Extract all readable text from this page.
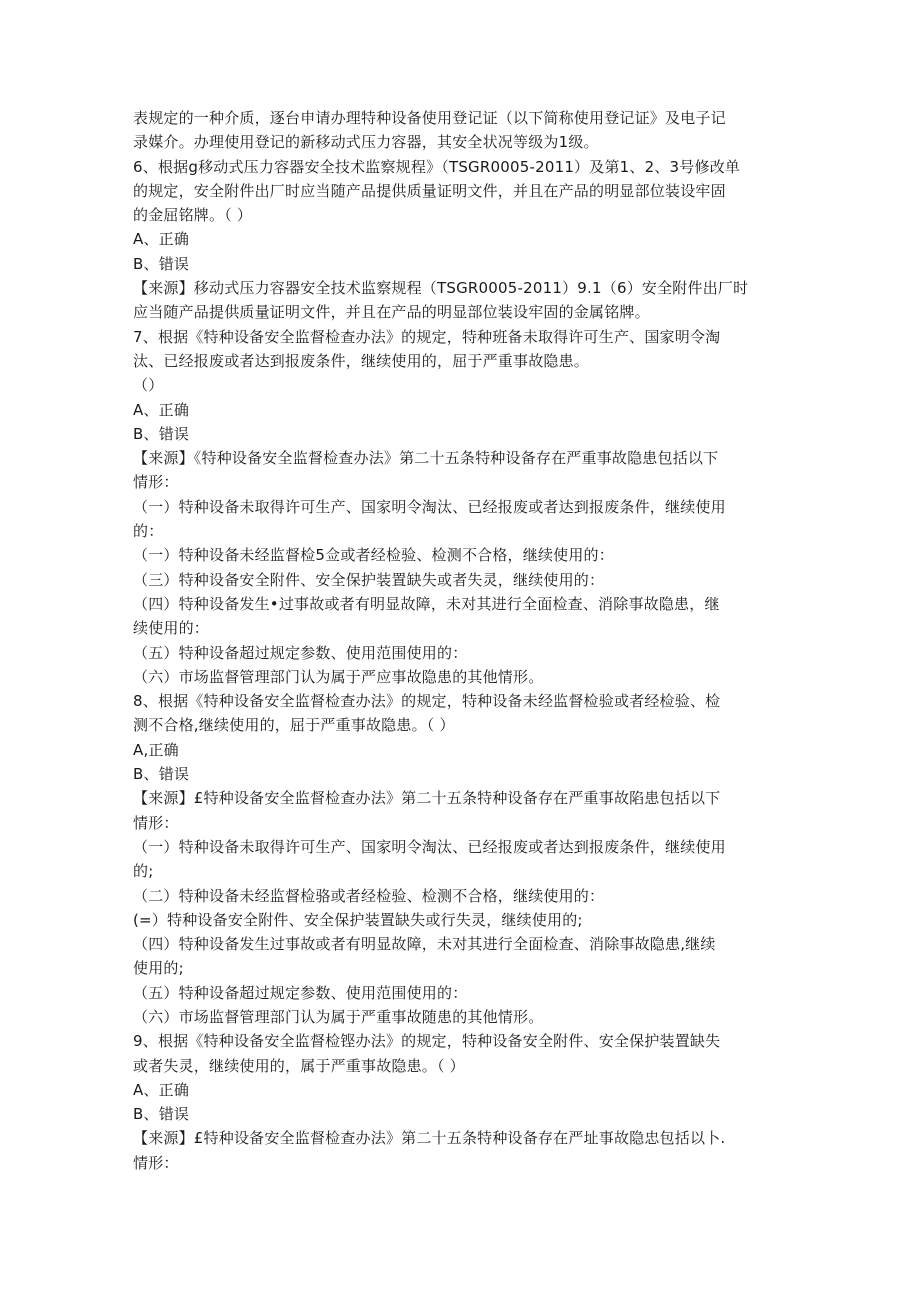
表规定的一种介质，逐台申请办理特种设备使用登记证（以下简称使用登记证》及电子记
录媒介。办理使用登记的新移动式压力容器，其安全状况等级为1级。
6、根据g移动式压力容器安全技术监察规程》（TSGR0005-2011）及第1、2、3号修改单
的规定，安全附件出厂时应当随产品提供质量证明文件，并且在产品的明显部位装设牢固
的金屈铭牌。（ ）
A、正确
B、错误
【来源】移动式压力容器安全技术监察规程（TSGR0005-2011）9.1（6）安全附件出厂时
应当随产品提供质量证明文件，并且在产品的明显部位装设牢固的金属铭牌。
7、根据《特种设备安全监督检查办法》的规定，特种班备未取得许可生产、国家明令淘
汰、已经报废或者达到报废条件，继续使用的，屈于严重事故隐患。
（）
A、正确
B、错误
【来源】《特种设备安全监督检查办法》第二十五条特种设备存在严重事故隐患包括以下
情形：
（一）特种设备未取得许可生产、国家明令淘汰、已经报废或者达到报废条件，继续使用
的：
（一）特种设备未经监督检5佥或者经检验、检测不合格，继续使用的：
（三）特种设备安全附件、安全保护装置缺失或者失灵，继续使用的：
（四）特种设备发生•过事故或者有明显故障，未对其进行全面检查、消除事故隐患，继
续使用的：
（五）特种设备超过规定参数、使用范围使用的：
（六）市场监督管理部门认为属于严应事故隐患的其他情形。
8、根据《特种设备安全监督检查办法》的规定，特种设备未经监督检验或者经检验、检
测不合格,继续使用的，屈于严重事故隐患。（ ）
A,正确
B、错误
【来源】£特种设备安全监督检查办法》第二十五条特种设备存在严重事故陷患包括以下
情形：
（一）特种设备未取得许可生产、国家明令淘汰、已经报废或者达到报废条件，继续使用
的;
（二）特种设备未经监督检骆或者经检验、检测不合格，继续使用的：
(=）特种设备安全附件、安全保护装置缺失或行失灵，继续使用的;
（四）特种设备发生过事故或者有明显故障，未对其进行全面检查、消除事故隐患,继续
使用的;
（五）特种设备超过规定参数、使用范围使用的：
（六）市场监督管理部门认为属于严重事故随患的其他情形。
9、根据《特种设备安全监督检铿办法》的规定，特种设备安全附件、安全保护装置缺失
或者失灵，继续使用的，属于严重事故隐患。（ ）
A、正确
B、错误
【来源】£特种设备安全监督检查办法》第二十五条特种设备存在严址事故隐忠包括以卜.
情形：
